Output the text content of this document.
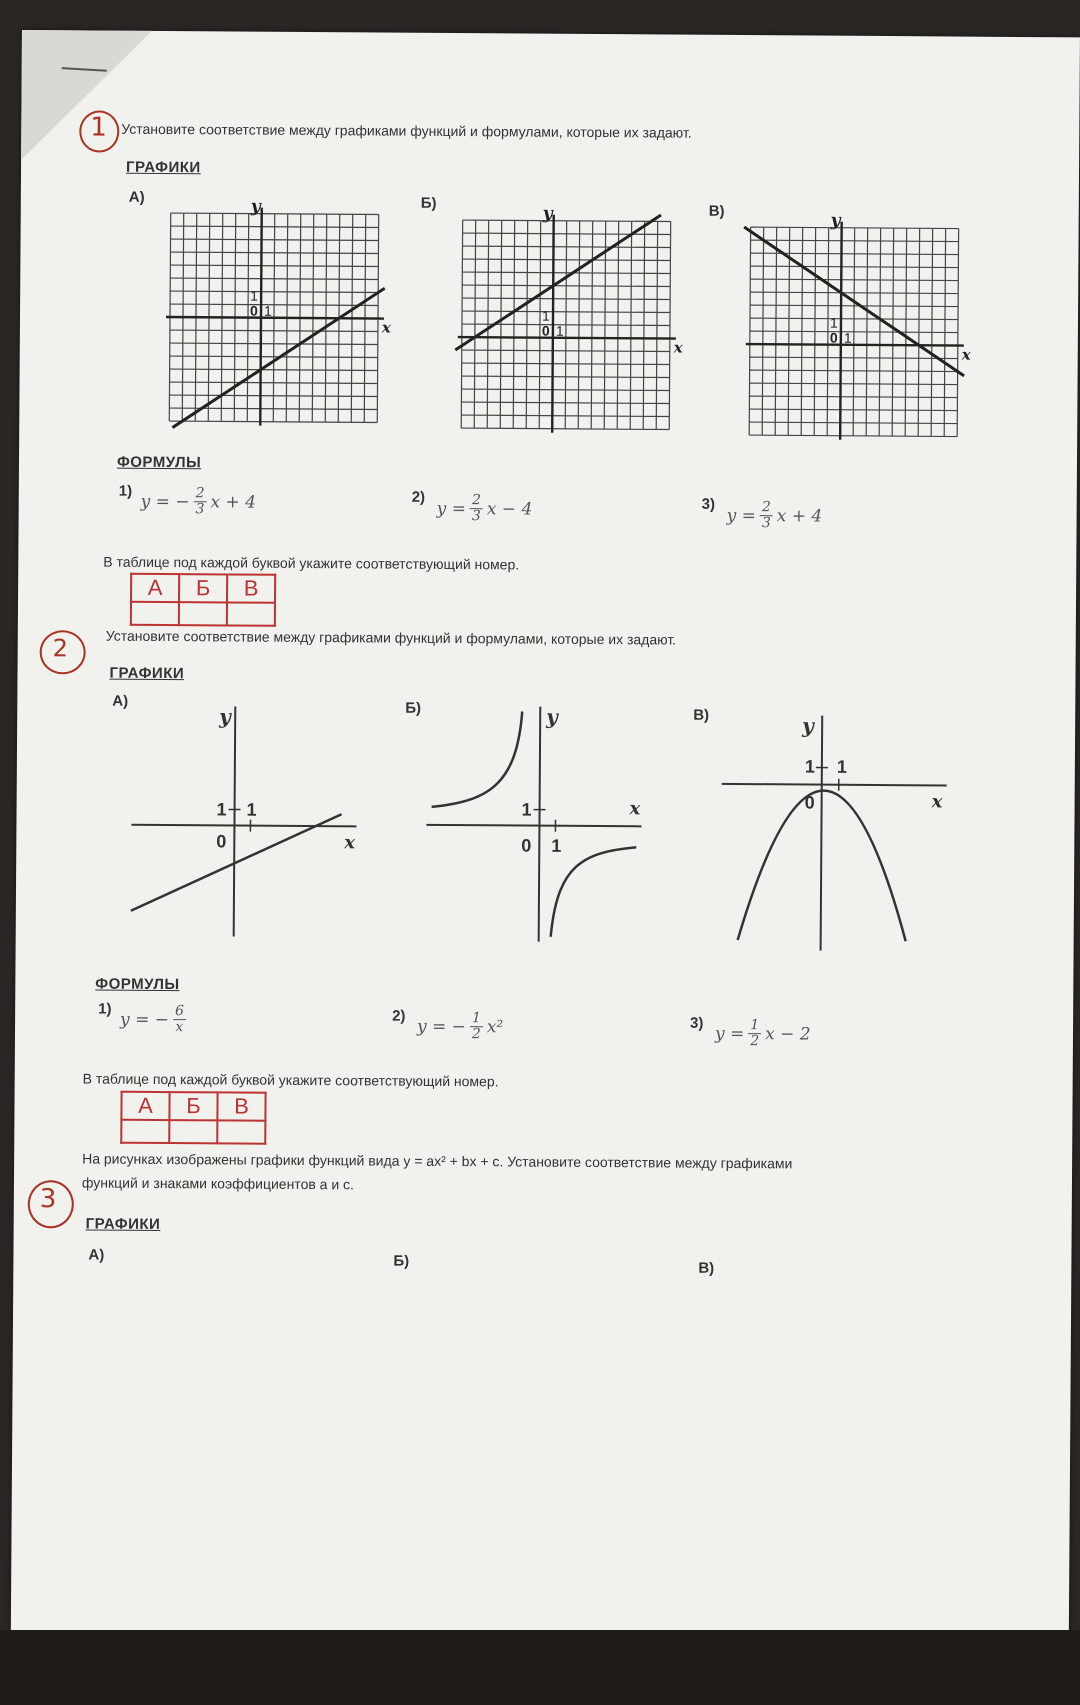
1 Установите соответствие между графиками функций и формулами, которые их задают.
ГРАФИКИ
А)	Б)	В)
y
x
0
1
1
y
x
0
1
1
y
x
0
1
1
ФОРМУЛЫ
1)
y = − $\frac{2}{3}$ x + 4	2)
$y = \frac{2}{3}$ x − 4	3)
$y = \frac{2}{3}$ x + 4
В таблице под каждой буквой укажите соответствующий номер.
А	Б	В

2	Установите соответствие между графиками функций и формулами, которые их задают.
ГРАФИКИ
А)	Б)	В)
y
x
0
1 1
y
x
0
1
1
y
x
0
1 1
ФОРМУЛЫ
1)
y = − $\frac{6}{x}$	2)
y = − $\frac{1}{2} x^2$	3)
$y = \frac{1}{2}$ x − 2
В таблице под каждой буквой укажите соответствующий номер.
А	Б	В

На рисунках изображены графики функций вида y = ax² + bx + c. Установите соответствие между графиками
функций и знаками коэффициентов a и c.
3
ГРАФИКИ
А)	Б)	В)
